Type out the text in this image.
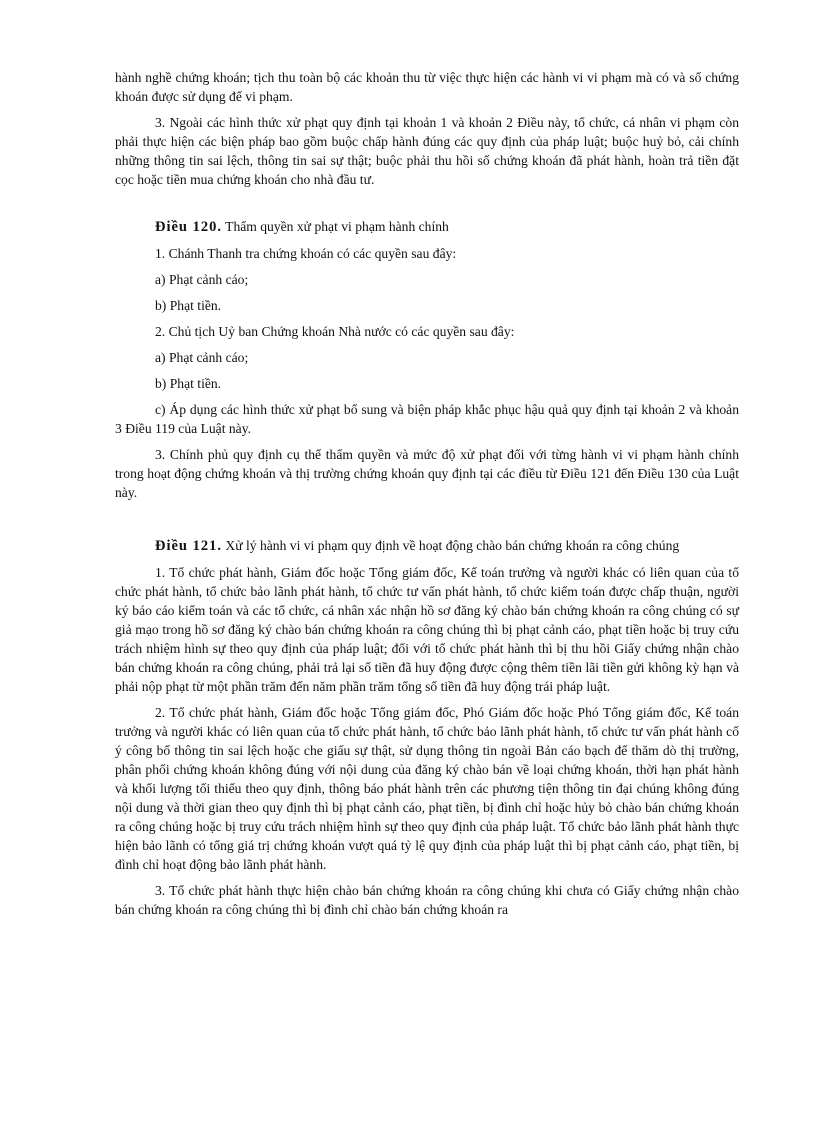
hành nghề chứng khoán; tịch thu toàn bộ các khoản thu từ việc thực hiện các hành vi vi phạm mà có và số chứng khoán được sử dụng để vi phạm.

3. Ngoài các hình thức xử phạt quy định tại khoản 1 và khoản 2 Điều này, tổ chức, cá nhân vi phạm còn phải thực hiện các biện pháp bao gồm buộc chấp hành đúng các quy định của pháp luật; buộc huỷ bỏ, cải chính những thông tin sai lệch, thông tin sai sự thật; buộc phải thu hồi số chứng khoán đã phát hành, hoàn trả tiền đặt cọc hoặc tiền mua chứng khoán cho nhà đầu tư.

Điều 120. Thẩm quyền xử phạt vi phạm hành chính

1. Chánh Thanh tra chứng khoán có các quyền sau đây:

a) Phạt cảnh cáo;

b) Phạt tiền.

2. Chủ tịch Uỷ ban Chứng khoán Nhà nước có các quyền sau đây:

a) Phạt cảnh cáo;

b) Phạt tiền.

c) Áp dụng các hình thức xử phạt bổ sung và biện pháp khắc phục hậu quả quy định tại khoản 2 và khoản 3 Điều 119 của Luật này.

3. Chính phủ quy định cụ thể thẩm quyền và mức độ xử phạt đối với từng hành vi vi phạm hành chính trong hoạt động chứng khoán và thị trường chứng khoán quy định tại các điều từ Điều 121 đến Điều 130 của Luật này.

Điều 121. Xử lý hành vi vi phạm quy định về hoạt động chào bán chứng khoán ra công chúng

1. Tổ chức phát hành, Giám đốc hoặc Tổng giám đốc, Kế toán trưởng và người khác có liên quan của tổ chức phát hành, tổ chức bảo lãnh phát hành, tổ chức tư vấn phát hành, tổ chức kiểm toán được chấp thuận, người ký báo cáo kiểm toán và các tổ chức, cá nhân xác nhận hồ sơ đăng ký chào bán chứng khoán ra công chúng có sự giả mạo trong hồ sơ đăng ký chào bán chứng khoán ra công chúng thì bị phạt cảnh cáo, phạt tiền hoặc bị truy cứu trách nhiệm hình sự theo quy định của pháp luật; đối với tổ chức phát hành thì bị thu hồi Giấy chứng nhận chào bán chứng khoán ra công chúng, phải trả lại số tiền đã huy động được cộng thêm tiền lãi tiền gửi không kỳ hạn và phải nộp phạt từ một phần trăm đến năm phần trăm tổng số tiền đã huy động trái pháp luật.

2. Tổ chức phát hành, Giám đốc hoặc Tổng giám đốc, Phó Giám đốc hoặc Phó Tổng giám đốc, Kế toán trưởng và người khác có liên quan của tổ chức phát hành, tổ chức bảo lãnh phát hành, tổ chức tư vấn phát hành cố ý công bố thông tin sai lệch hoặc che giấu sự thật, sử dụng thông tin ngoài Bản cáo bạch để thăm dò thị trường, phân phối chứng khoán không đúng với nội dung của đăng ký chào bán về loại chứng khoán, thời hạn phát hành và khối lượng tối thiểu theo quy định, thông báo phát hành trên các phương tiện thông tin đại chúng không đúng nội dung và thời gian theo quy định thì bị phạt cảnh cáo, phạt tiền, bị đình chỉ hoặc hủy bỏ chào bán chứng khoán ra công chúng hoặc bị truy cứu trách nhiệm hình sự theo quy định của pháp luật. Tổ chức bảo lãnh phát hành thực hiện bảo lãnh có tổng giá trị chứng khoán vượt quá tỷ lệ quy định của pháp luật thì bị phạt cảnh cáo, phạt tiền, bị đình chỉ hoạt động bảo lãnh phát hành.

3. Tổ chức phát hành thực hiện chào bán chứng khoán ra công chúng khi chưa có Giấy chứng nhận chào bán chứng khoán ra công chúng thì bị đình chỉ chào bán chứng khoán ra
